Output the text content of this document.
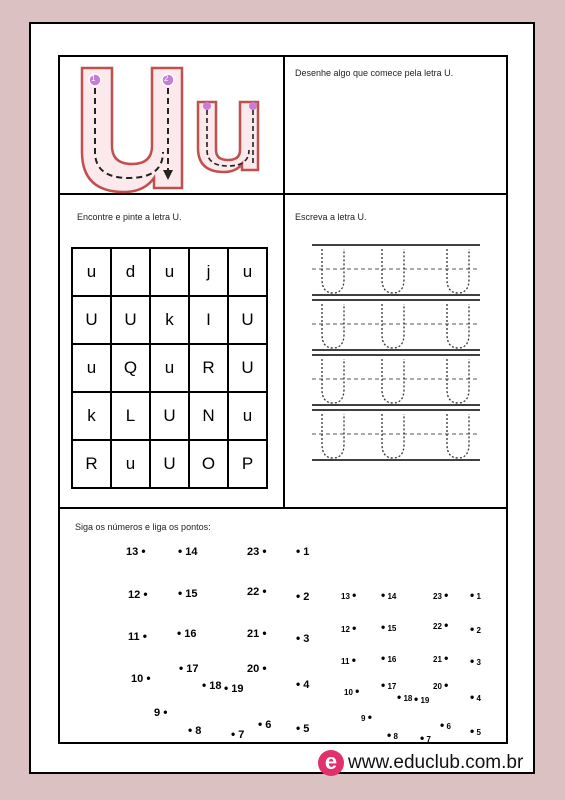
1	2
Desenhe algo que comece pela letra U.
Encontre e pinte a letra U.	Escreva a letra U.
Siga os números e liga os pontos:
u	d	u	j	u
U	U	k	I	U
u	Q	u	R	U
k	L	U	N	u
R	u	U	O	P
13 •	• 14	23 • • 1
12 •	• 15	22 • • 2
11 •	• 16	21 • • 3
10 •
• 17
• 18 • 19
20 •
• 4
9 •
• 8 • 7
• 6 • 5
13 • • 14	23 • • 1
12 • • 15	22 • • 2
11 • • 16	21 • • 3
10 • • 17
• 18 • 19
20 •
• 4
9 •
• 8 • 7
• 6 • 5
e www.educlub.com.br
